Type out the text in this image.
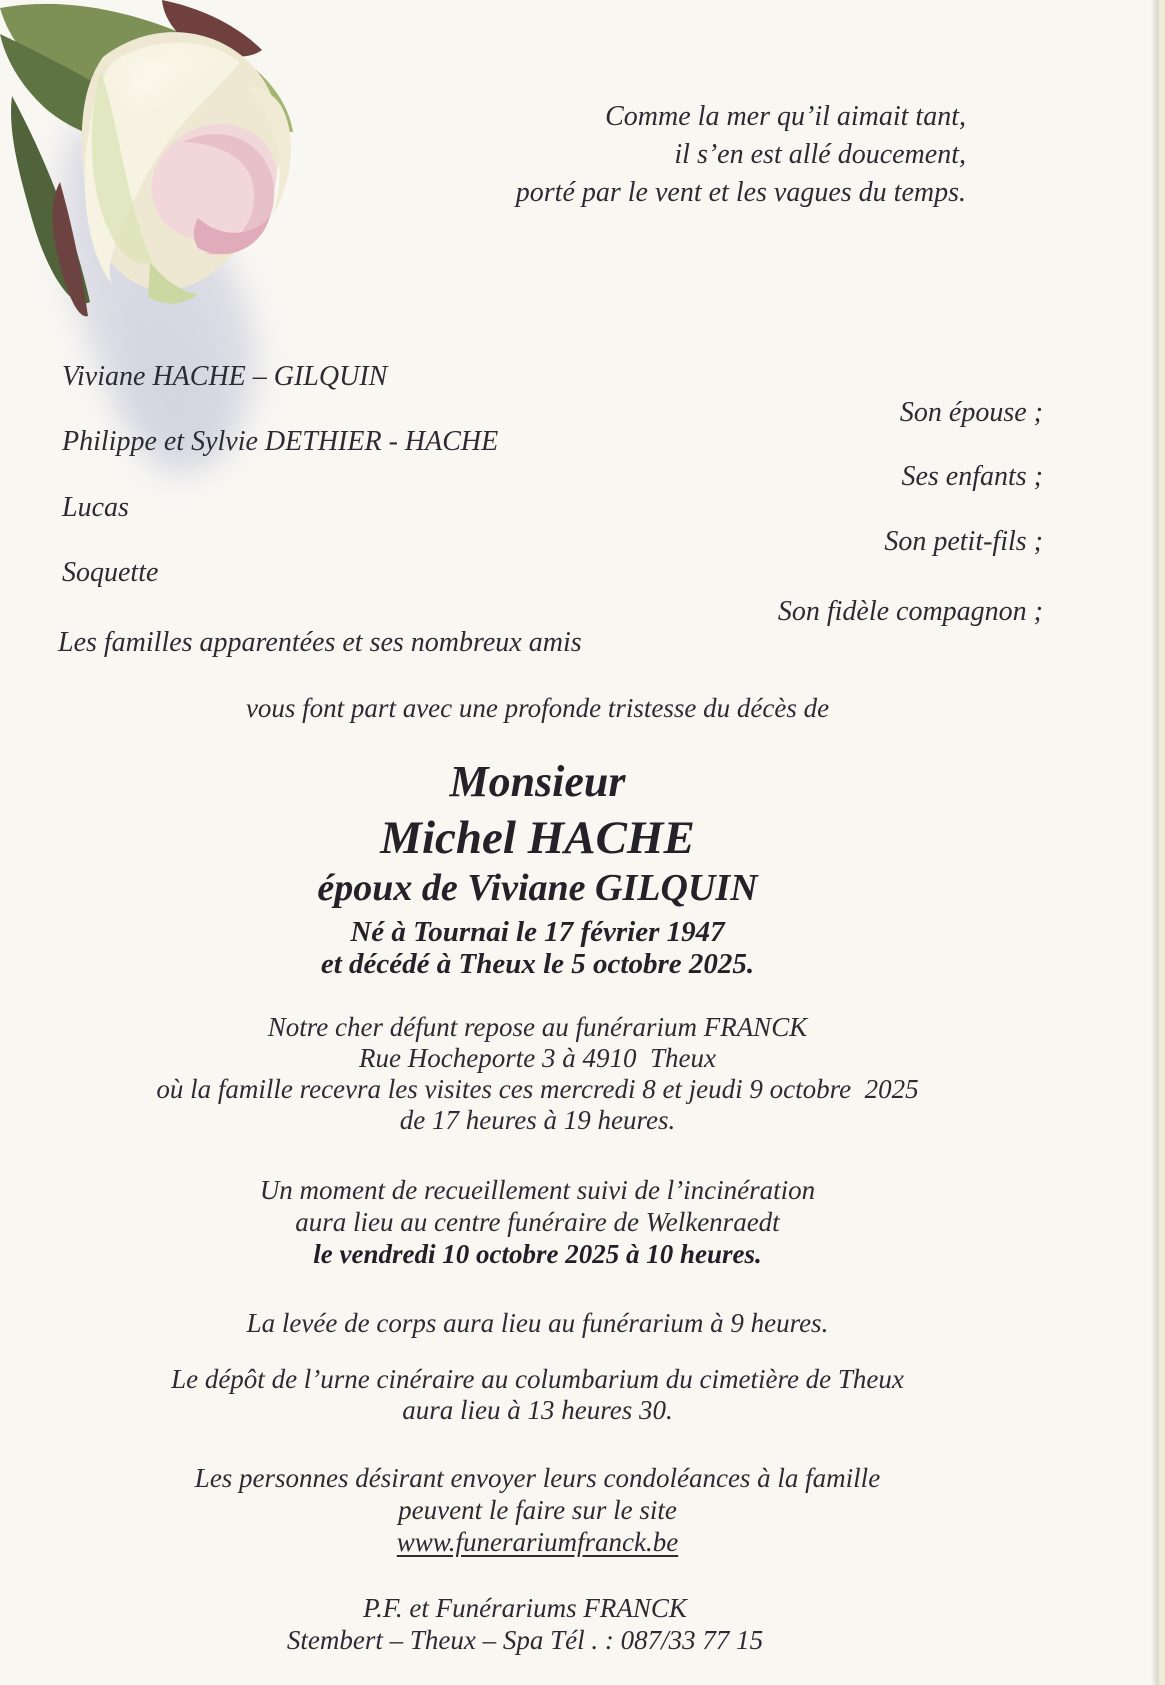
Comme la mer qu’il aimait tant,
il s’en est allé doucement,
porté par le vent et les vagues du temps.
Viviane HACHE – GILQUIN
Son épouse ;
Philippe et Sylvie DETHIER - HACHE
Ses enfants ;
Lucas
Son petit-fils ;
Soquette
Son fidèle compagnon ;
Les familles apparentées et ses nombreux amis
vous font part avec une profonde tristesse du décès de
Monsieur
Michel HACHE
époux de Viviane GILQUIN
Né à Tournai le 17 février 1947
et décédé à Theux le 5 octobre 2025.
Notre cher défunt repose au funérarium FRANCK
Rue Hocheporte 3 à 4910  Theux
où la famille recevra les visites ces mercredi 8 et jeudi 9 octobre  2025
de 17 heures à 19 heures.
Un moment de recueillement suivi de l’incinération
aura lieu au centre funéraire de Welkenraedt
le vendredi 10 octobre 2025 à 10 heures.
La levée de corps aura lieu au funérarium à 9 heures.
Le dépôt de l’urne cinéraire au columbarium du cimetière de Theux
aura lieu à 13 heures 30.
Les personnes désirant envoyer leurs condoléances à la famille
peuvent le faire sur le site
www.funerariumfranck.be
P.F. et Funérariums FRANCK
Stembert – Theux – Spa Tél . : 087/33 77 15
